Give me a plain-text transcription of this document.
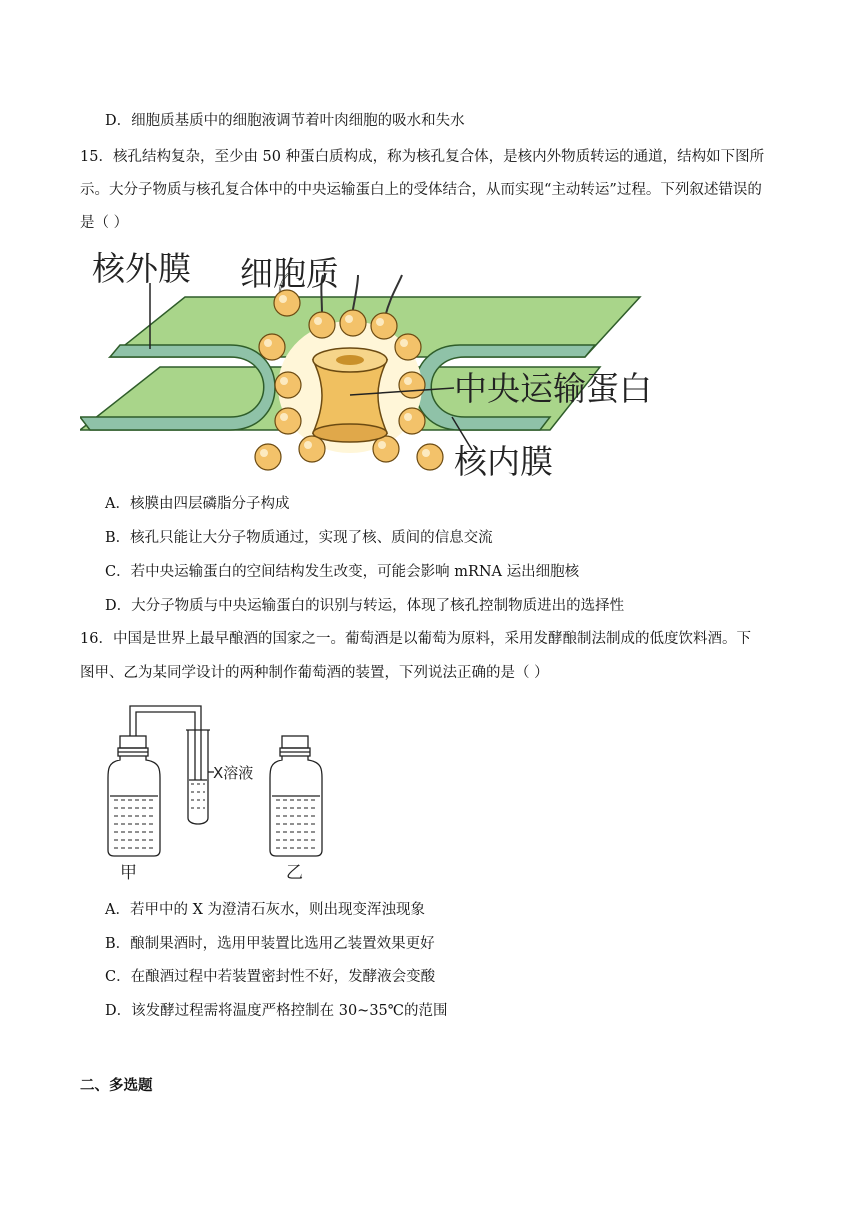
D．细胞质基质中的细胞液调节着叶肉细胞的吸水和失水
15．核孔结构复杂，至少由 50 种蛋白质构成，称为核孔复合体，是核内外物质转运的通道，结构如下图所
示。大分子物质与核孔复合体中的中央运输蛋白上的受体结合，从而实现“主动转运”过程。下列叙述错误的
是（ ）
核外膜 细胞质
中央运输蛋白
核内膜
A．核膜由四层磷脂分子构成
B．核孔只能让大分子物质通过，实现了核、质间的信息交流
C．若中央运输蛋白的空间结构发生改变，可能会影响 mRNA 运出细胞核
D．大分子物质与中央运输蛋白的识别与转运，体现了核孔控制物质进出的选择性
16．中国是世界上最早酿酒的国家之一。葡萄酒是以葡萄为原料，采用发酵酿制法制成的低度饮料酒。下
图甲、乙为某同学设计的两种制作葡萄酒的装置，下列说法正确的是（ ）
X溶液
甲	乙
A．若甲中的 X 为澄清石灰水，则出现变浑浊现象
B．酿制果酒时，选用甲装置比选用乙装置效果更好
C．在酿酒过程中若装置密封性不好，发酵液会变酸
D．该发酵过程需将温度严格控制在 30~35℃的范围
二、多选题
